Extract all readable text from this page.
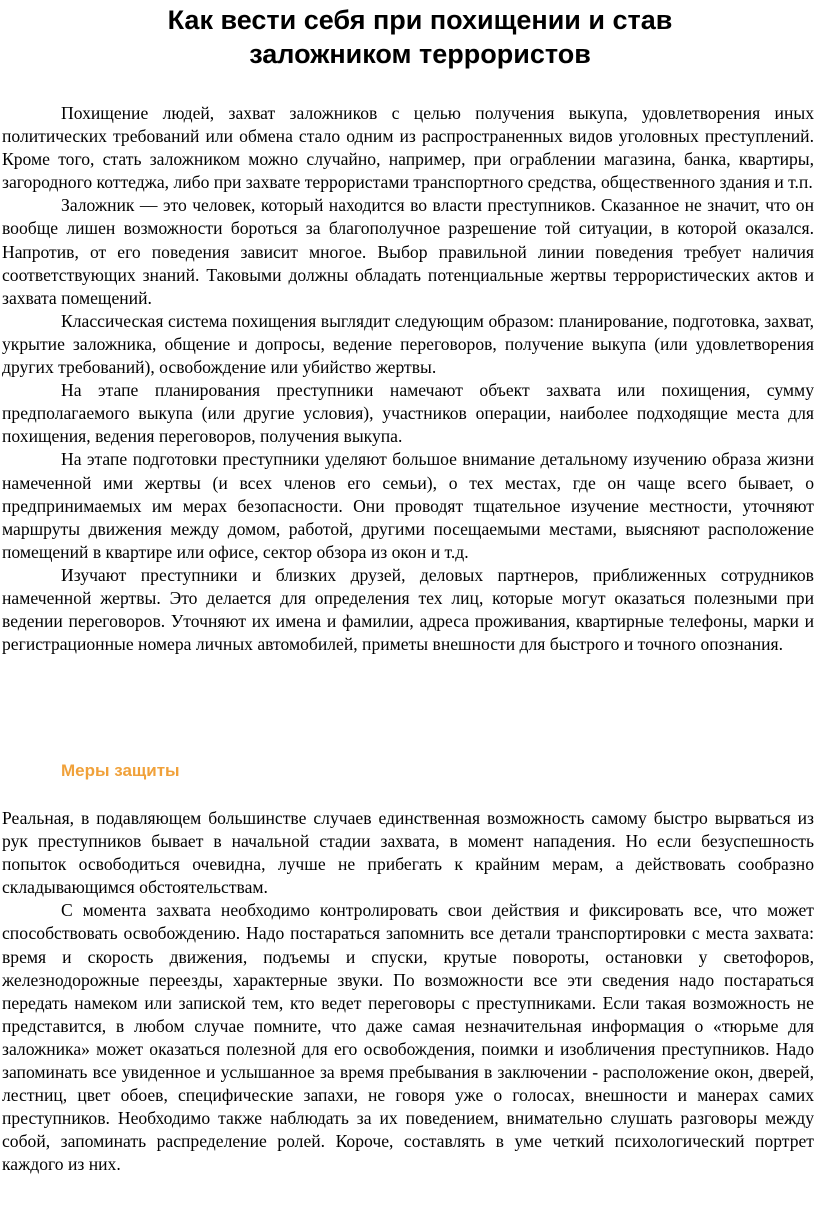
Как вести себя при похищении и став заложником террористов

Похищение людей, захват заложников с целью получения выкупа, удовлетворения иных политических требований или обмена стало одним из распространенных видов уголовных преступлений. Кроме того, стать заложником можно случайно, например, при ограблении магазина, банка, квартиры, загородного коттеджа, либо при захвате террористами транспортного средства, общественного здания и т.п.

Заложник — это человек, который находится во власти преступников. Сказанное не значит, что он вообще лишен возможности бороться за благополучное разрешение той ситуации, в которой оказался. Напротив, от его поведения зависит многое. Выбор правильной линии поведения требует наличия соответствующих знаний. Таковыми должны обладать потенциальные жертвы террористических актов и захвата помещений.

Классическая система похищения выглядит следующим образом: планирование, подготовка, захват, укрытие заложника, общение и допросы, ведение переговоров, получение выкупа (или удовлетворения других требований), освобождение или убийство жертвы.

На этапе планирования преступники намечают объект захвата или похищения, сумму предполагаемого выкупа (или другие условия), участников операции, наиболее подходящие места для похищения, ведения переговоров, получения выкупа.

На этапе подготовки преступники уделяют большое внимание детальному изучению образа жизни намеченной ими жертвы (и всех членов его семьи), о тех местах, где он чаще всего бывает, о предпринимаемых им мерах безопасности. Они проводят тщательное изучение местности, уточняют маршруты движения между домом, работой, другими посещаемыми местами, выясняют расположение помещений в квартире или офисе, сектор обзора из окон и т.д.

Изучают преступники и близких друзей, деловых партнеров, приближенных сотрудников намеченной жертвы. Это делается для определения тех лиц, которые могут оказаться полезными при ведении переговоров. Уточняют их имена и фамилии, адреса проживания, квартирные телефоны, марки и регистрационные номера личных автомобилей, приметы внешности для быстрого и точного опознания.

Меры защиты

Реальная, в подавляющем большинстве случаев единственная возможность самому быстро вырваться из рук преступников бывает в начальной стадии захвата, в момент нападения. Но если безуспешность попыток освободиться очевидна, лучше не прибегать к крайним мерам, а действовать сообразно складывающимся обстоятельствам.

С момента захвата необходимо контролировать свои действия и фиксировать все, что может способствовать освобождению. Надо постараться запомнить все детали транспортировки с места захвата: время и скорость движения, подъемы и спуски, крутые повороты, остановки у светофоров, железнодорожные переезды, характерные звуки. По возможности все эти сведения надо постараться передать намеком или запиской тем, кто ведет переговоры с преступниками. Если такая возможность не представится, в любом случае помните, что даже самая незначительная информация о «тюрьме для заложника» может оказаться полезной для его освобождения, поимки и изобличения преступников. Надо запоминать все увиденное и услышанное за время пребывания в заключении - расположение окон, дверей, лестниц, цвет обоев, специфические запахи, не говоря уже о голосах, внешности и манерах самих преступников. Необходимо также наблюдать за их поведением, внимательно слушать разговоры между собой, запоминать распределение ролей. Короче, составлять в уме четкий психологический портрет каждого из них.
